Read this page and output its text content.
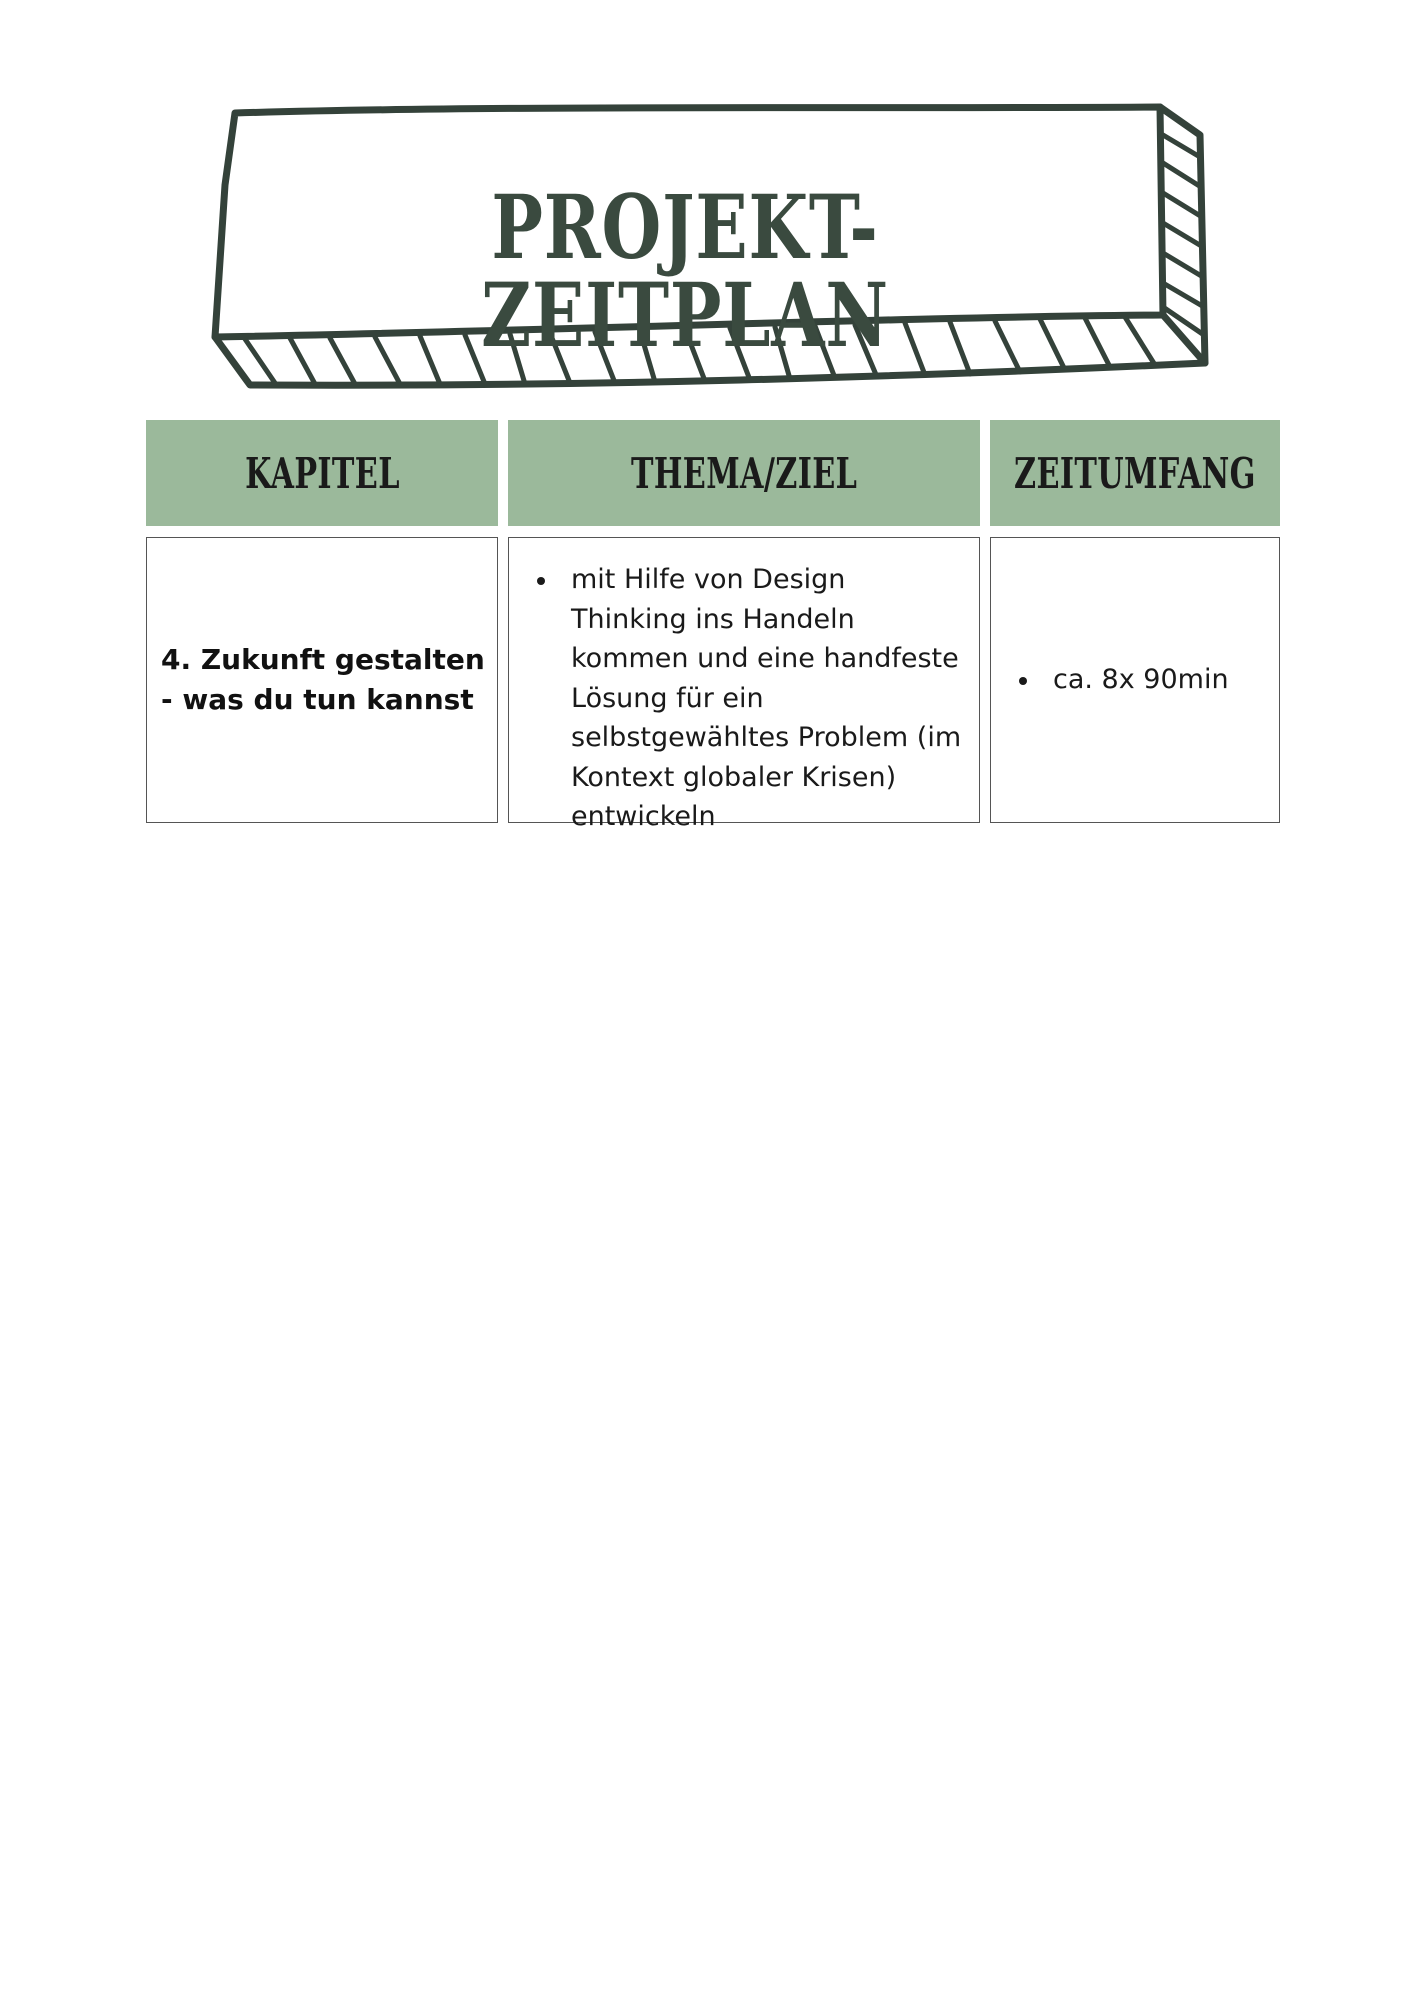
PROJEKT-ZEITPLAN
KAPITEL	THEMA/ZIEL	ZEITUMFANG
4. Zukunft gestalten - was du tun kannst
mit Hilfe von Design Thinking ins Handeln kommen und eine handfeste Lösung für ein selbstgewähltes Problem (im Kontext globaler Krisen) entwickeln
ca. 8x 90min
